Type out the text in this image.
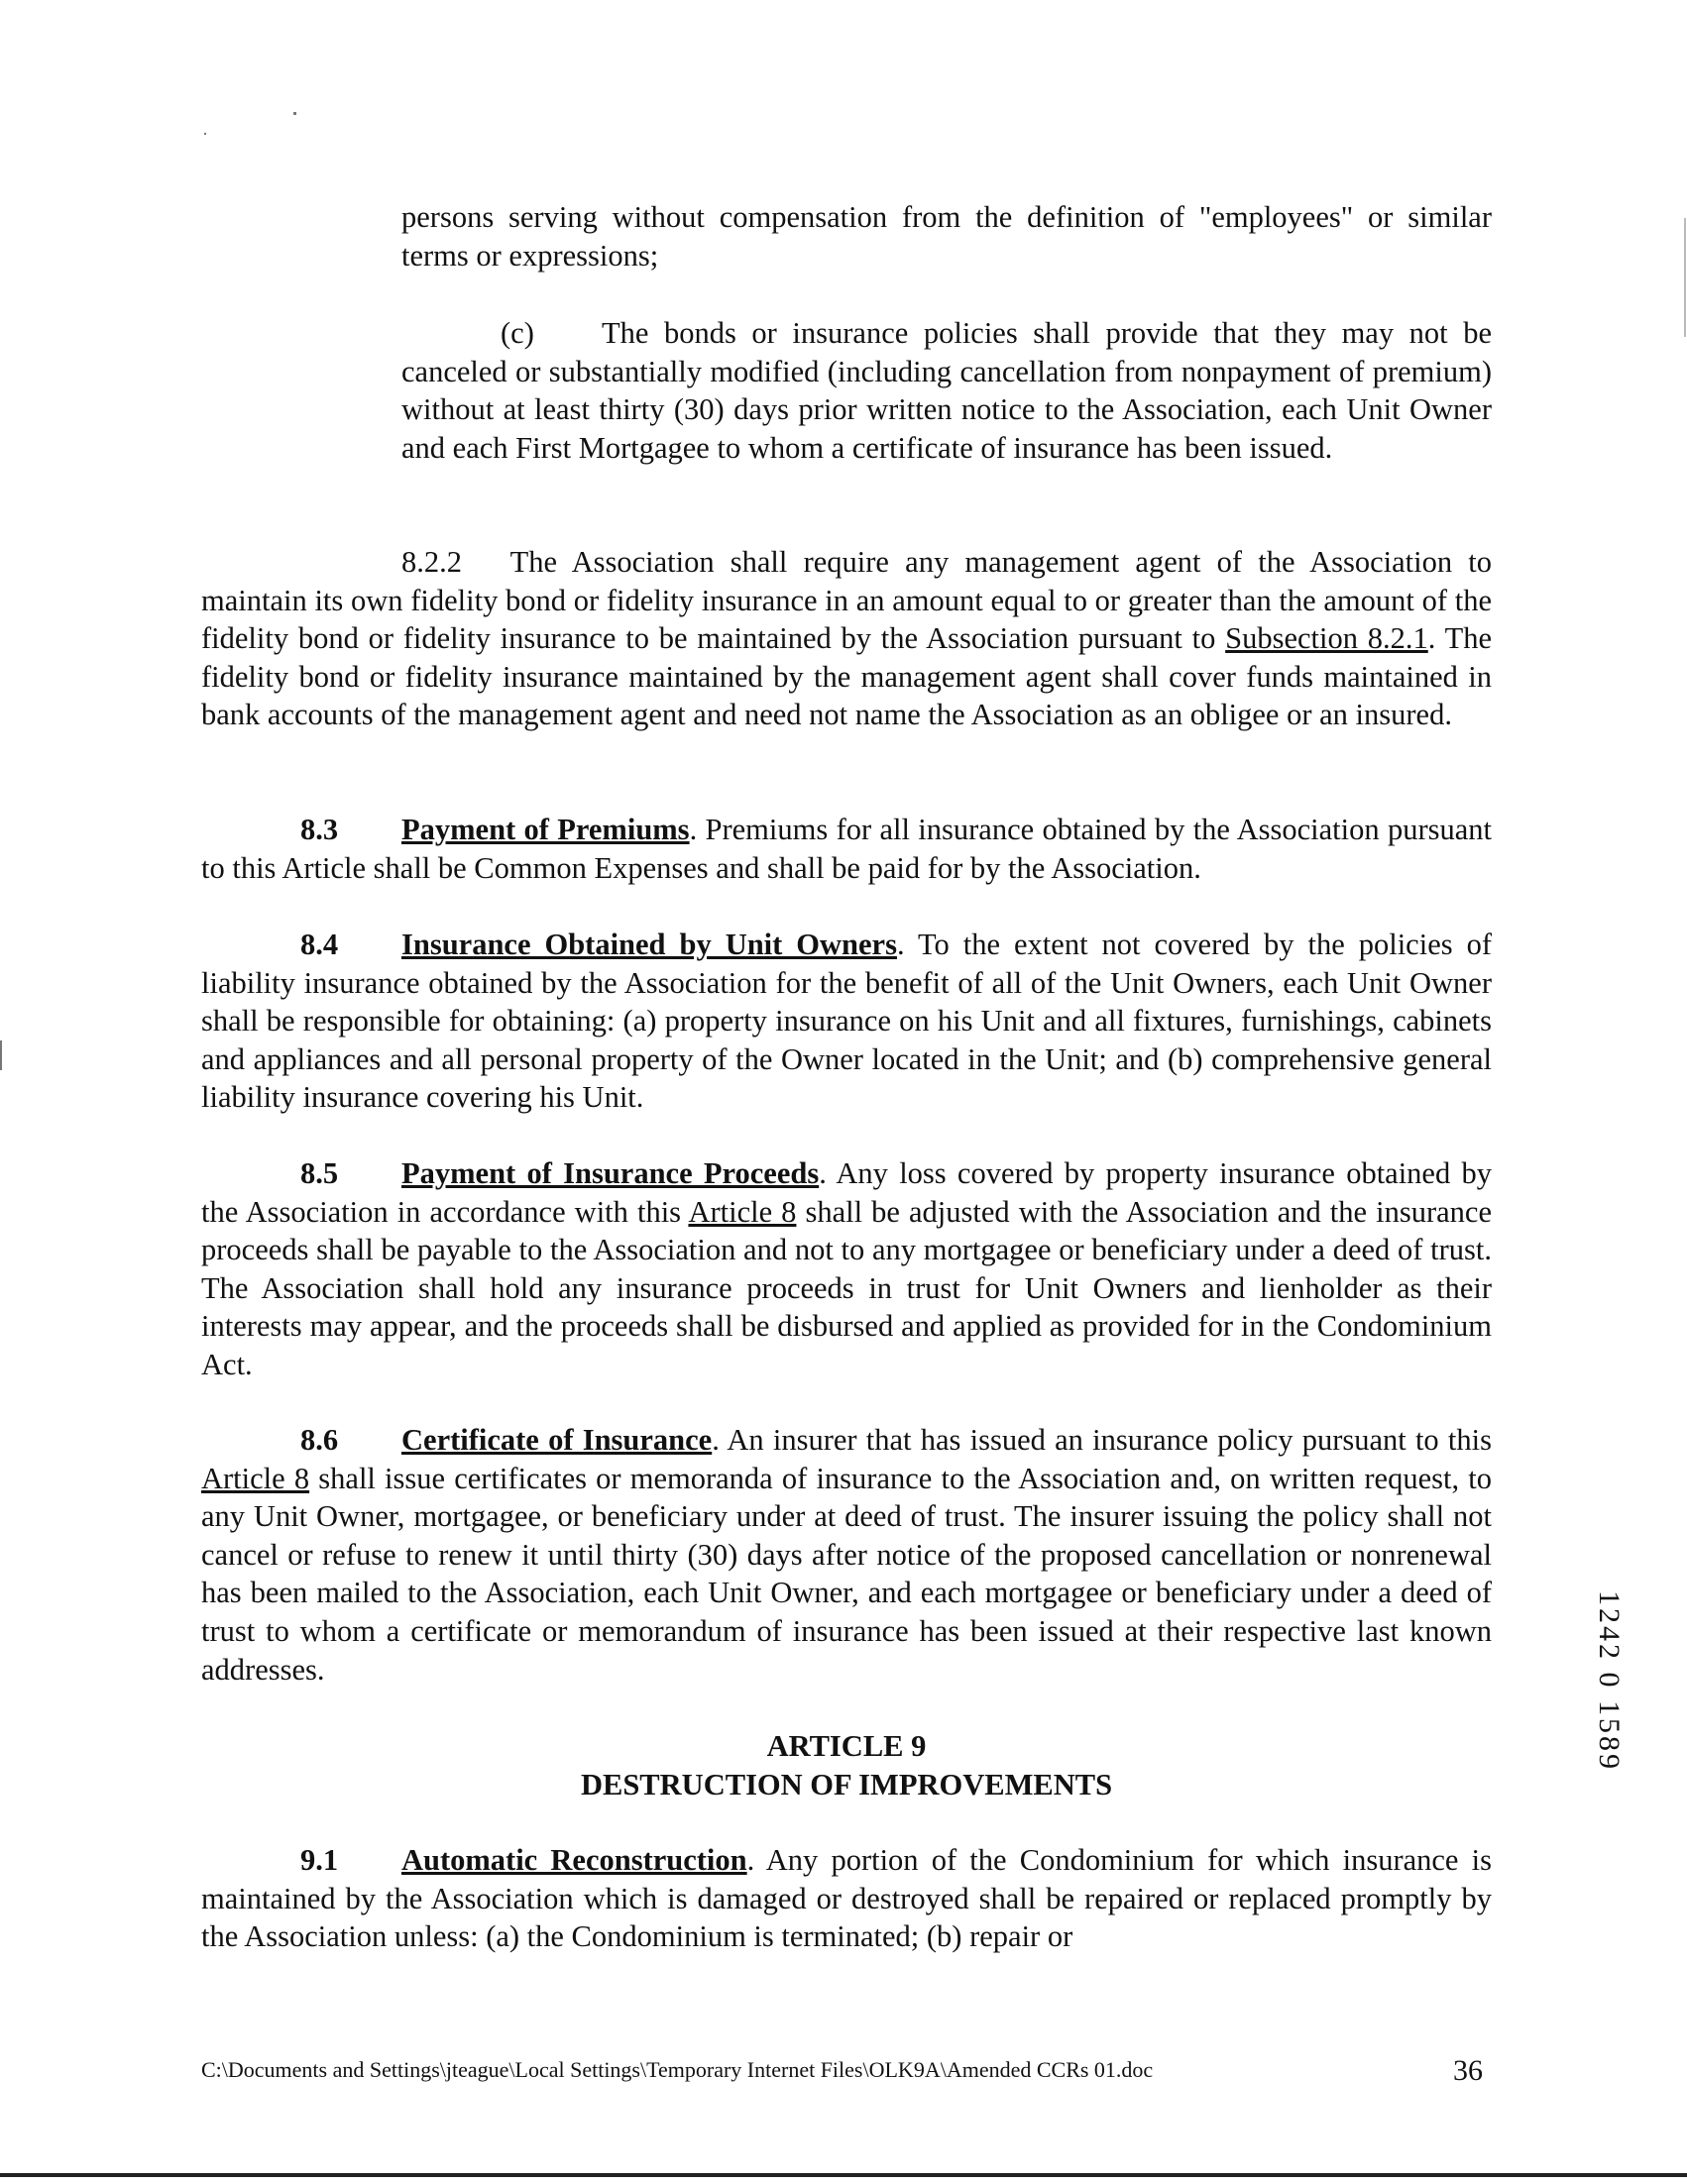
persons serving without compensation from the definition of "employees" or similar terms or expressions;

(c) The bonds or insurance policies shall provide that they may not be canceled or substantially modified (including cancellation from nonpayment of premium) without at least thirty (30) days prior written notice to the Association, each Unit Owner and each First Mortgagee to whom a certificate of insurance has been issued.

8.2.2 The Association shall require any management agent of the Association to maintain its own fidelity bond or fidelity insurance in an amount equal to or greater than the amount of the fidelity bond or fidelity insurance to be maintained by the Association pursuant to Subsection 8.2.1. The fidelity bond or fidelity insurance maintained by the management agent shall cover funds maintained in bank accounts of the management agent and need not name the Association as an obligee or an insured.

8.3 Payment of Premiums. Premiums for all insurance obtained by the Association pursuant to this Article shall be Common Expenses and shall be paid for by the Association.

8.4 Insurance Obtained by Unit Owners. To the extent not covered by the policies of liability insurance obtained by the Association for the benefit of all of the Unit Owners, each Unit Owner shall be responsible for obtaining: (a) property insurance on his Unit and all fixtures, furnishings, cabinets and appliances and all personal property of the Owner located in the Unit; and (b) comprehensive general liability insurance covering his Unit.

8.5 Payment of Insurance Proceeds. Any loss covered by property insurance obtained by the Association in accordance with this Article 8 shall be adjusted with the Association and the insurance proceeds shall be payable to the Association and not to any mortgagee or beneficiary under a deed of trust. The Association shall hold any insurance proceeds in trust for Unit Owners and lienholder as their interests may appear, and the proceeds shall be disbursed and applied as provided for in the Condominium Act.

8.6 Certificate of Insurance. An insurer that has issued an insurance policy pursuant to this Article 8 shall issue certificates or memoranda of insurance to the Association and, on written request, to any Unit Owner, mortgagee, or beneficiary under at deed of trust. The insurer issuing the policy shall not cancel or refuse to renew it until thirty (30) days after notice of the proposed cancellation or nonrenewal has been mailed to the Association, each Unit Owner, and each mortgagee or beneficiary under a deed of trust to whom a certificate or memorandum of insurance has been issued at their respective last known addresses.

ARTICLE 9
DESTRUCTION OF IMPROVEMENTS

9.1 Automatic Reconstruction. Any portion of the Condominium for which insurance is maintained by the Association which is damaged or destroyed shall be repaired or replaced promptly by the Association unless: (a) the Condominium is terminated; (b) repair or

1242 0 1589
C:\Documents and Settings\jteague\Local Settings\Temporary Internet Files\OLK9A\Amended CCRs 01.doc	36
